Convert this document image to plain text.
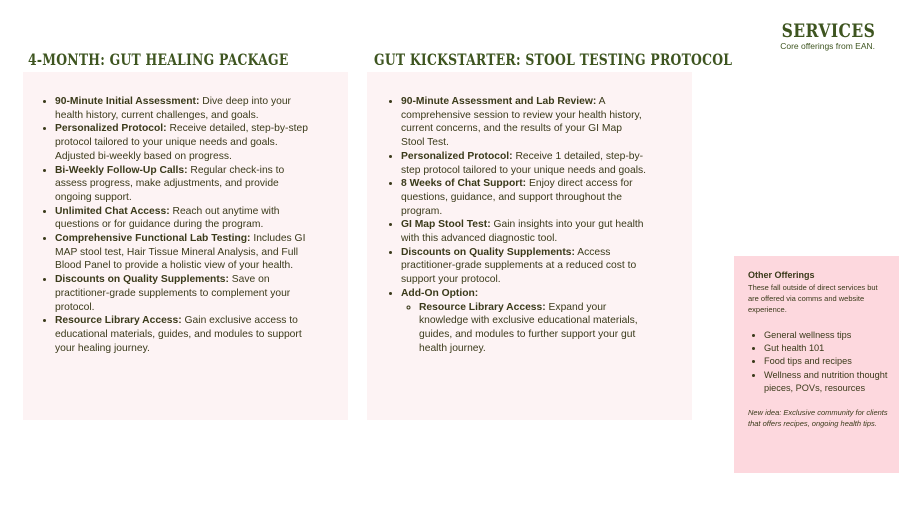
SERVICES
Core offerings from EAN.
4-MONTH: GUT HEALING PACKAGE	GUT KICKSTARTER: STOOL TESTING PROTOCOL
• 90-Minute Initial Assessment: Dive deep into your health history, current challenges, and goals.
• Personalized Protocol: Receive detailed, step-by-step protocol tailored to your unique needs and goals. Adjusted bi-weekly based on progress.
• Bi-Weekly Follow-Up Calls: Regular check-ins to assess progress, make adjustments, and provide ongoing support.
• Unlimited Chat Access: Reach out anytime with questions or for guidance during the program.
• Comprehensive Functional Lab Testing: Includes GI MAP stool test, Hair Tissue Mineral Analysis, and Full Blood Panel to provide a holistic view of your health.
• Discounts on Quality Supplements: Save on practitioner-grade supplements to complement your protocol.
• Resource Library Access: Gain exclusive access to educational materials, guides, and modules to support your healing journey.
• 90-Minute Assessment and Lab Review: A comprehensive session to review your health history, current concerns, and the results of your GI Map Stool Test.
• Personalized Protocol: Receive 1 detailed, step-by-step protocol tailored to your unique needs and goals.
• 8 Weeks of Chat Support: Enjoy direct access for questions, guidance, and support throughout the program.
• GI Map Stool Test: Gain insights into your gut health with this advanced diagnostic tool.
• Discounts on Quality Supplements: Access practitioner-grade supplements at a reduced cost to support your protocol.
• Add-On Option:
◦ Resource Library Access: Expand your knowledge with exclusive educational materials, guides, and modules to further support your gut health journey.
Other Offerings
These fall outside of direct services but are offered via comms and website experience.
• General wellness tips
• Gut health 101
• Food tips and recipes
• Wellness and nutrition thought pieces, POVs, resources
New idea: Exclusive community for clients that offers recipes, ongoing health tips.
